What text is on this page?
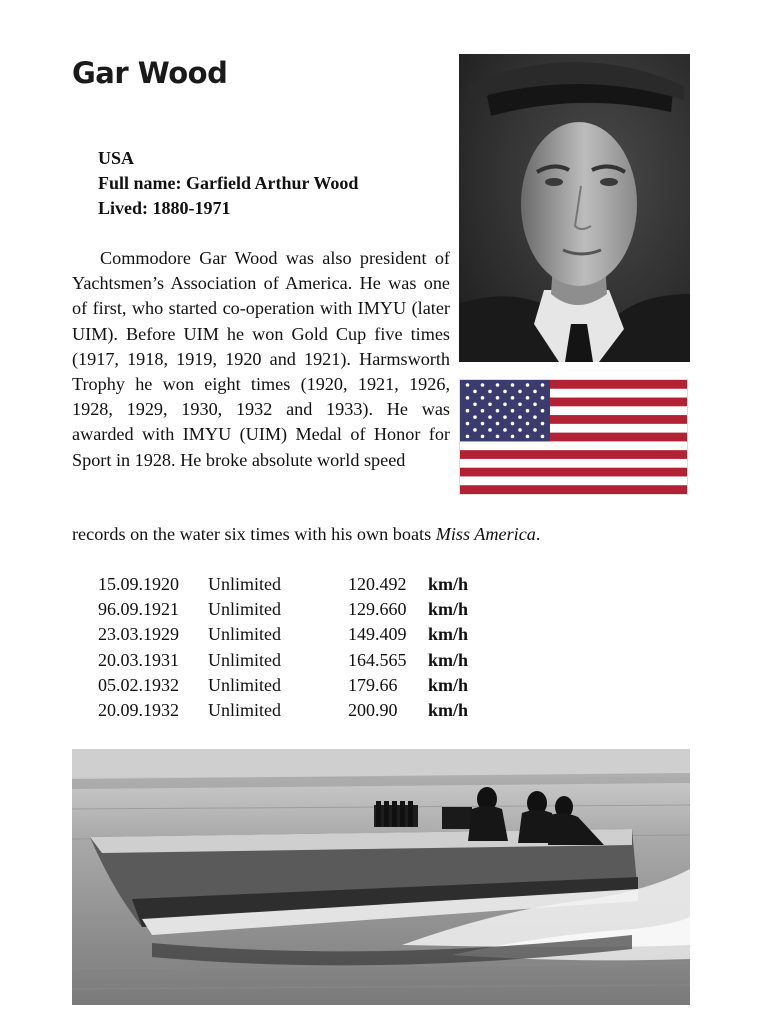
Gar Wood
USA
Full name: Garfield Arthur Wood
Lived: 1880-1971

Commodore Gar Wood was also president of Yachtsmen’s Association of America. He was one of first, who started co-operation with IMYU (later UIM). Before UIM he won Gold Cup five times (1917, 1918, 1919, 1920 and 1921). Harmsworth Trophy he won eight times (1920, 1921, 1926, 1928, 1929, 1930, 1932 and 1933). He was awarded with IMYU (UIM) Medal of Honor for Sport in 1928. He broke absolute world speed

records on the water six times with his own boats Miss America.
15.09.1920	Unlimited	120.492	km/h
96.09.1921	Unlimited	129.660	km/h
23.03.1929	Unlimited	149.409	km/h
20.03.1931	Unlimited	164.565	km/h
05.02.1932	Unlimited	179.66	km/h
20.09.1932	Unlimited	200.90	km/h
